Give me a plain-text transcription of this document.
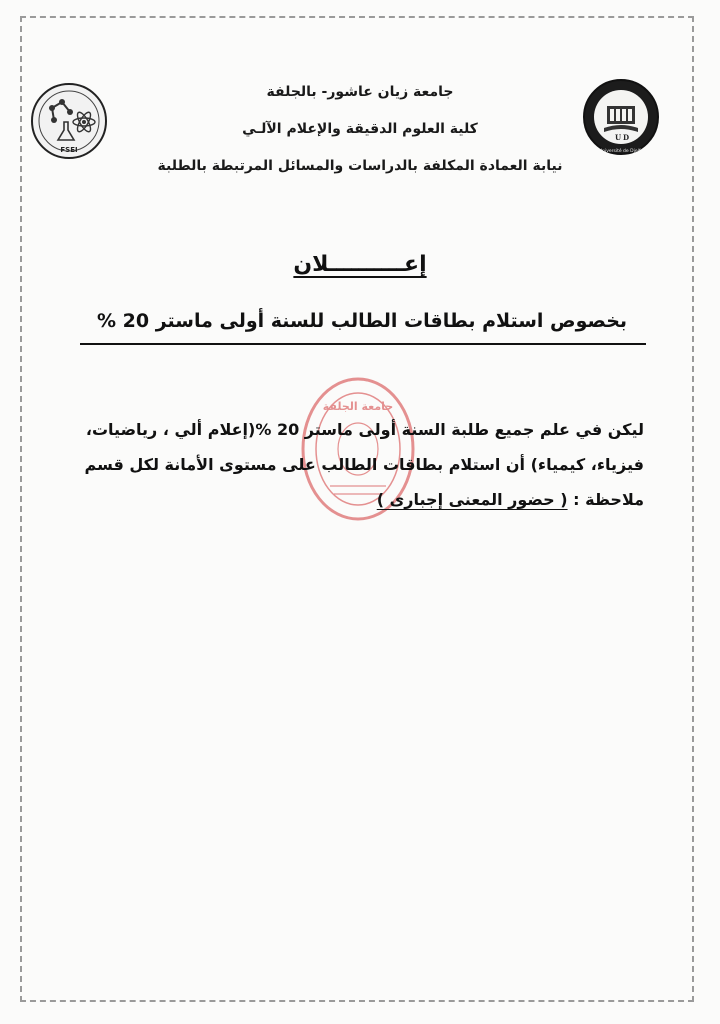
FSEI
U D
Université de Djelfa
جامعة زيان عاشور- بالجلفة
كلية العلوم الدقيقة والإعلام الآلـي
نيابة العمادة المكلفة بالدراسات والمسائل المرتبطة بالطلبة
إعــــــــــلان
بخصوص استلام بطاقات الطالب للسنة أولى ماستر 20 %
جامعة الجلفة
ليكن في علم جميع طلبة السنة أولى ماستر 20 %(إعلام ألي ، رياضيات،
فيزياء، كيمياء) أن استلام بطاقات الطالب على مستوى الأمانة لكل قسم
ملاحظة : ( حضور المعنى إجبارى )
